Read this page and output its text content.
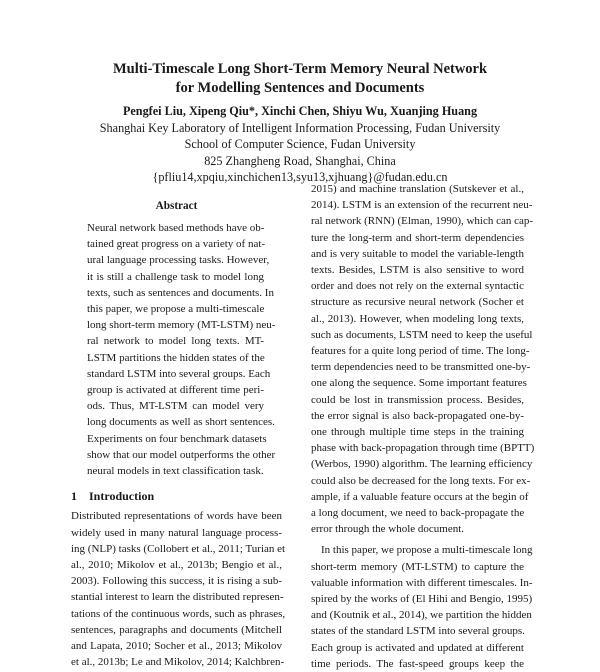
Multi-Timescale Long Short-Term Memory Neural Network
for Modelling Sentences and Documents
Pengfei Liu, Xipeng Qiu*, Xinchi Chen, Shiyu Wu, Xuanjing Huang
Shanghai Key Laboratory of Intelligent Information Processing, Fudan University
School of Computer Science, Fudan University
825 Zhangheng Road, Shanghai, China
{pfliu14,xpqiu,xinchichen13,syu13,xjhuang}@fudan.edu.cn
Abstract
Neural network based methods have ob-
tained great progress on a variety of nat-
ural language processing tasks. However,
it is still a challenge task to model long
texts, such as sentences and documents. In
this paper, we propose a multi-timescale
long short-term memory (MT-LSTM) neu-
ral network to model long texts. MT-
LSTM partitions the hidden states of the
standard LSTM into several groups. Each
group is activated at different time peri-
ods. Thus, MT-LSTM can model very
long documents as well as short sentences.
Experiments on four benchmark datasets
show that our model outperforms the other
neural models in text classification task.
1 Introduction
Distributed representations of words have been
widely used in many natural language process-
ing (NLP) tasks (Collobert et al., 2011; Turian et
al., 2010; Mikolov et al., 2013b; Bengio et al.,
2003). Following this success, it is rising a sub-
stantial interest to learn the distributed represen-
tations of the continuous words, such as phrases,
sentences, paragraphs and documents (Mitchell
and Lapata, 2010; Socher et al., 2013; Mikolov
et al., 2013b; Le and Mikolov, 2014; Kalchbren-
2015) and machine translation (Sutskever et al.,
2014). LSTM is an extension of the recurrent neu-
ral network (RNN) (Elman, 1990), which can cap-
ture the long-term and short-term dependencies
and is very suitable to model the variable-length
texts. Besides, LSTM is also sensitive to word
order and does not rely on the external syntactic
structure as recursive neural network (Socher et
al., 2013). However, when modeling long texts,
such as documents, LSTM need to keep the useful
features for a quite long period of time. The long-
term dependencies need to be transmitted one-by-
one along the sequence. Some important features
could be lost in transmission process. Besides,
the error signal is also back-propagated one-by-
one through multiple time steps in the training
phase with back-propagation through time (BPTT)
(Werbos, 1990) algorithm. The learning efficiency
could also be decreased for the long texts. For ex-
ample, if a valuable feature occurs at the begin of
a long document, we need to back-propagate the
error through the whole document.
In this paper, we propose a multi-timescale long
short-term memory (MT-LSTM) to capture the
valuable information with different timescales. In-
spired by the works of (El Hihi and Bengio, 1995)
and (Koutnik et al., 2014), we partition the hidden
states of the standard LSTM into several groups.
Each group is activated and updated at different
time periods. The fast-speed groups keep the
